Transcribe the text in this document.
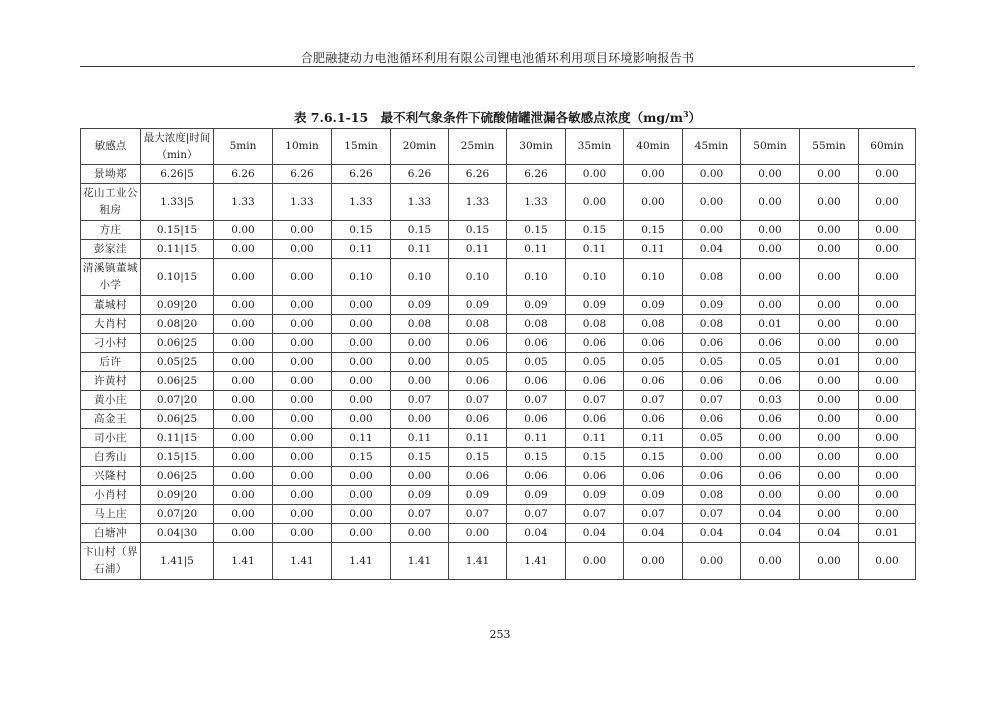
合肥融捷动力电池循环利用有限公司锂电池循环利用项目环境影响报告书
表 7.6.1-15　最不利气象条件下硫酸储罐泄漏各敏感点浓度$(mg/m^3)$
敏感点	最大浓度|时间（min）	5min	10min	15min	20min	25min	30min	35min	40min	45min	50min	55min	60min
景坳郑	6.26|5	6.26	6.26	6.26	6.26	6.26	6.26	0.00	0.00	0.00	0.00	0.00	0.00
花山工业公租房	1.33|5	1.33	1.33	1.33	1.33	1.33	1.33	0.00	0.00	0.00	0.00	0.00	0.00
方庄	0.15|15	0.00	0.00	0.15	0.15	0.15	0.15	0.15	0.15	0.00	0.00	0.00	0.00
彭家洼	0.11|15	0.00	0.00	0.11	0.11	0.11	0.11	0.11	0.11	0.04	0.00	0.00	0.00
清溪镇董城小学	0.10|15	0.00	0.00	0.10	0.10	0.10	0.10	0.10	0.10	0.08	0.00	0.00	0.00
董城村	0.09|20	0.00	0.00	0.00	0.09	0.09	0.09	0.09	0.09	0.09	0.00	0.00	0.00
大肖村	0.08|20	0.00	0.00	0.00	0.08	0.08	0.08	0.08	0.08	0.08	0.01	0.00	0.00
刁小村	0.06|25	0.00	0.00	0.00	0.00	0.06	0.06	0.06	0.06	0.06	0.06	0.00	0.00
后许	0.05|25	0.00	0.00	0.00	0.00	0.05	0.05	0.05	0.05	0.05	0.05	0.01	0.00
许黄村	0.06|25	0.00	0.00	0.00	0.00	0.06	0.06	0.06	0.06	0.06	0.06	0.00	0.00
黄小庄	0.07|20	0.00	0.00	0.00	0.07	0.07	0.07	0.07	0.07	0.07	0.03	0.00	0.00
高金王	0.06|25	0.00	0.00	0.00	0.00	0.06	0.06	0.06	0.06	0.06	0.06	0.00	0.00
司小庄	0.11|15	0.00	0.00	0.11	0.11	0.11	0.11	0.11	0.11	0.05	0.00	0.00	0.00
白秀山	0.15|15	0.00	0.00	0.15	0.15	0.15	0.15	0.15	0.15	0.00	0.00	0.00	0.00
兴隆村	0.06|25	0.00	0.00	0.00	0.00	0.06	0.06	0.06	0.06	0.06	0.06	0.00	0.00
小肖村	0.09|20	0.00	0.00	0.00	0.09	0.09	0.09	0.09	0.09	0.08	0.00	0.00	0.00
马上庄	0.07|20	0.00	0.00	0.00	0.07	0.07	0.07	0.07	0.07	0.07	0.04	0.00	0.00
白塘冲	0.04|30	0.00	0.00	0.00	0.00	0.00	0.04	0.04	0.04	0.04	0.04	0.04	0.01
卞山村（界石浦）	1.41|5	1.41	1.41	1.41	1.41	1.41	1.41	0.00	0.00	0.00	0.00	0.00	0.00
253
